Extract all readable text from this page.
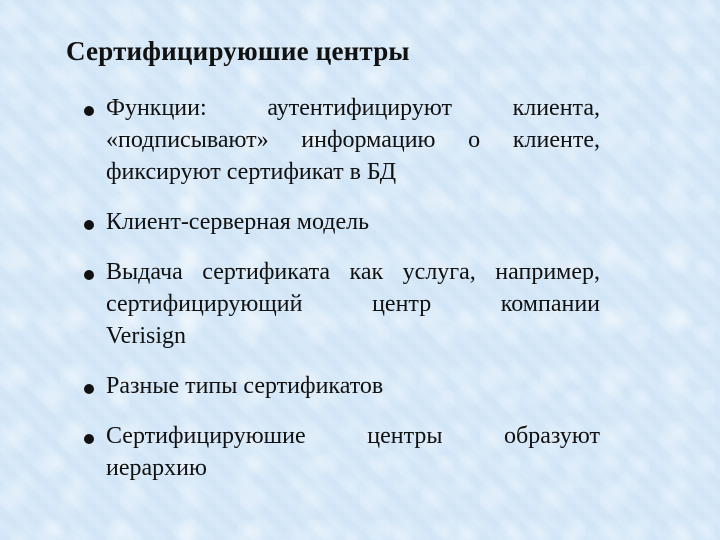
Сертифицируюшие центры
Функции: аутентифицируют клиента,
«подписывают» информацию о клиенте,
фиксируют сертификат в БД
Клиент-серверная модель
Выдача сертификата как услуга, например,
сертифицирующий центр компании
Verisign
Разные типы сертификатов
Сертифицируюшие центры образуют
иерархию
